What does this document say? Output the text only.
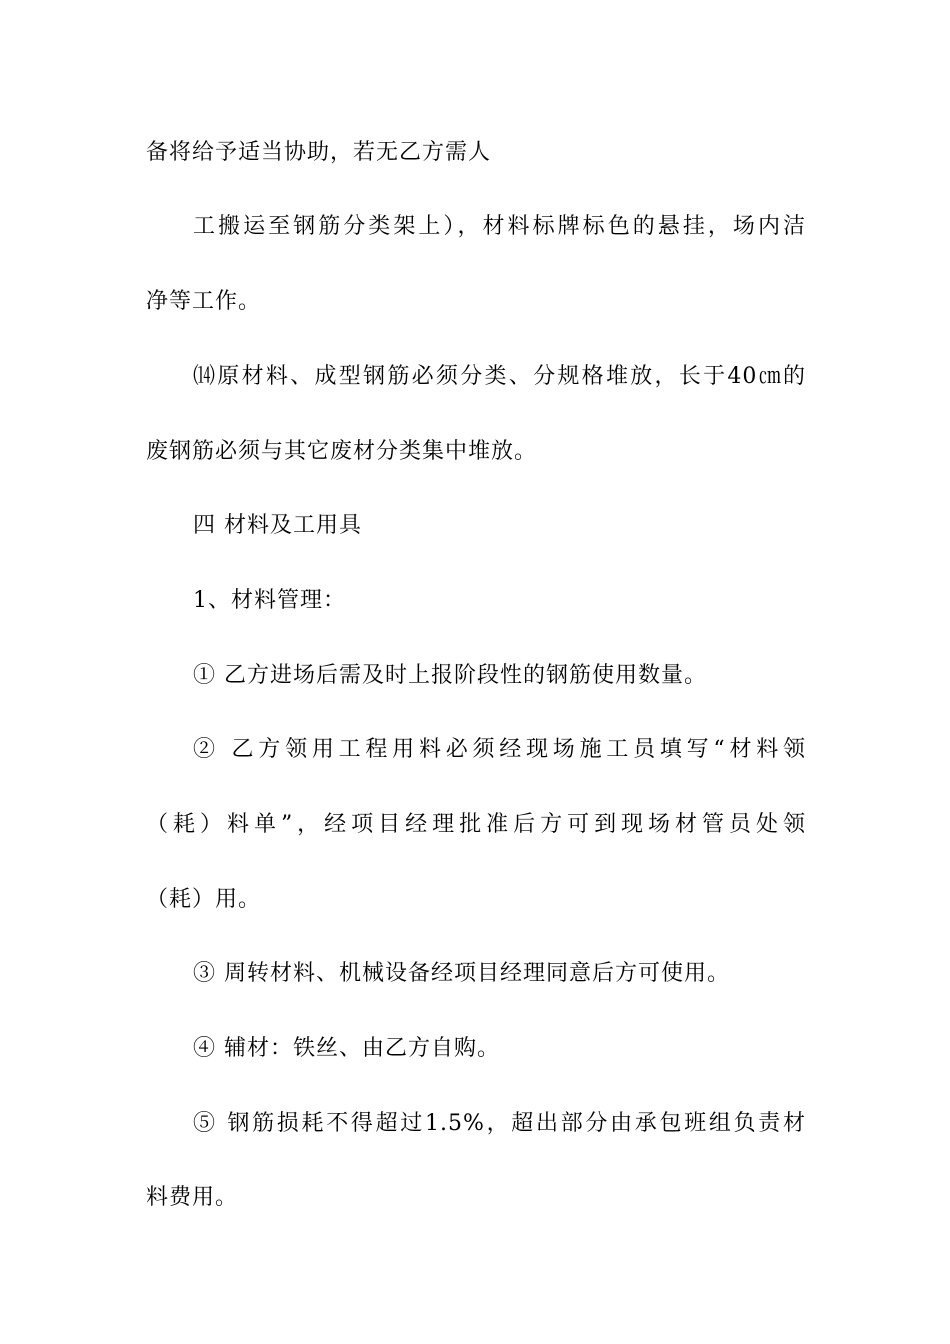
备将给予适当协助，若无乙方需人
工搬运至钢筋分类架上），材料标牌标色的悬挂，场内洁
净等工作。
⒁原材料、成型钢筋必须分类、分规格堆放，长于40㎝的
废钢筋必须与其它废材分类集中堆放。
四 材料及工用具
1、材料管理：
① 乙方进场后需及时上报阶段性的钢筋使用数量。
② 乙方领用工程用料必须经现场施工员填写“材料领
（耗）料单”，经项目经理批准后方可到现场材管员处领
（耗）用。
③ 周转材料、机械设备经项目经理同意后方可使用。
④ 辅材：铁丝、由乙方自购。
⑤ 钢筋损耗不得超过1.5%，超出部分由承包班组负责材
料费用。
